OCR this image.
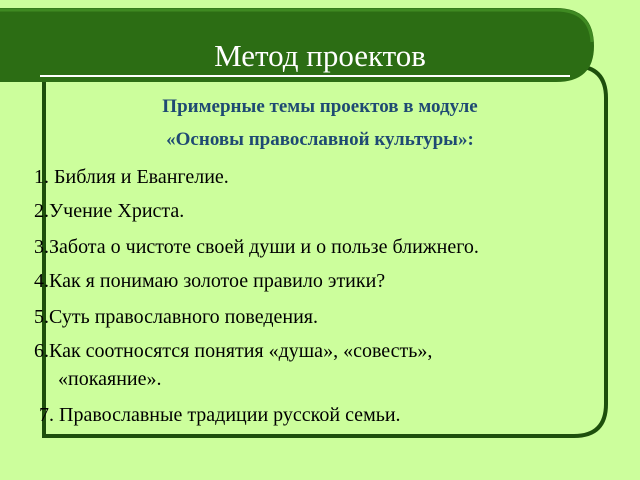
Метод проектов
Примерные темы проектов в модуле
«Основы православной культуры»:
1. Библия и Евангелие.
2.Учение Христа.
3.Забота о чистоте своей души и о пользе ближнего.
4.Как я понимаю золотое правило этики?
5.Суть православного поведения.
6.Как соотносятся понятия «душа», «совесть»,
«покаяние».
7. Православные традиции русской семьи.
